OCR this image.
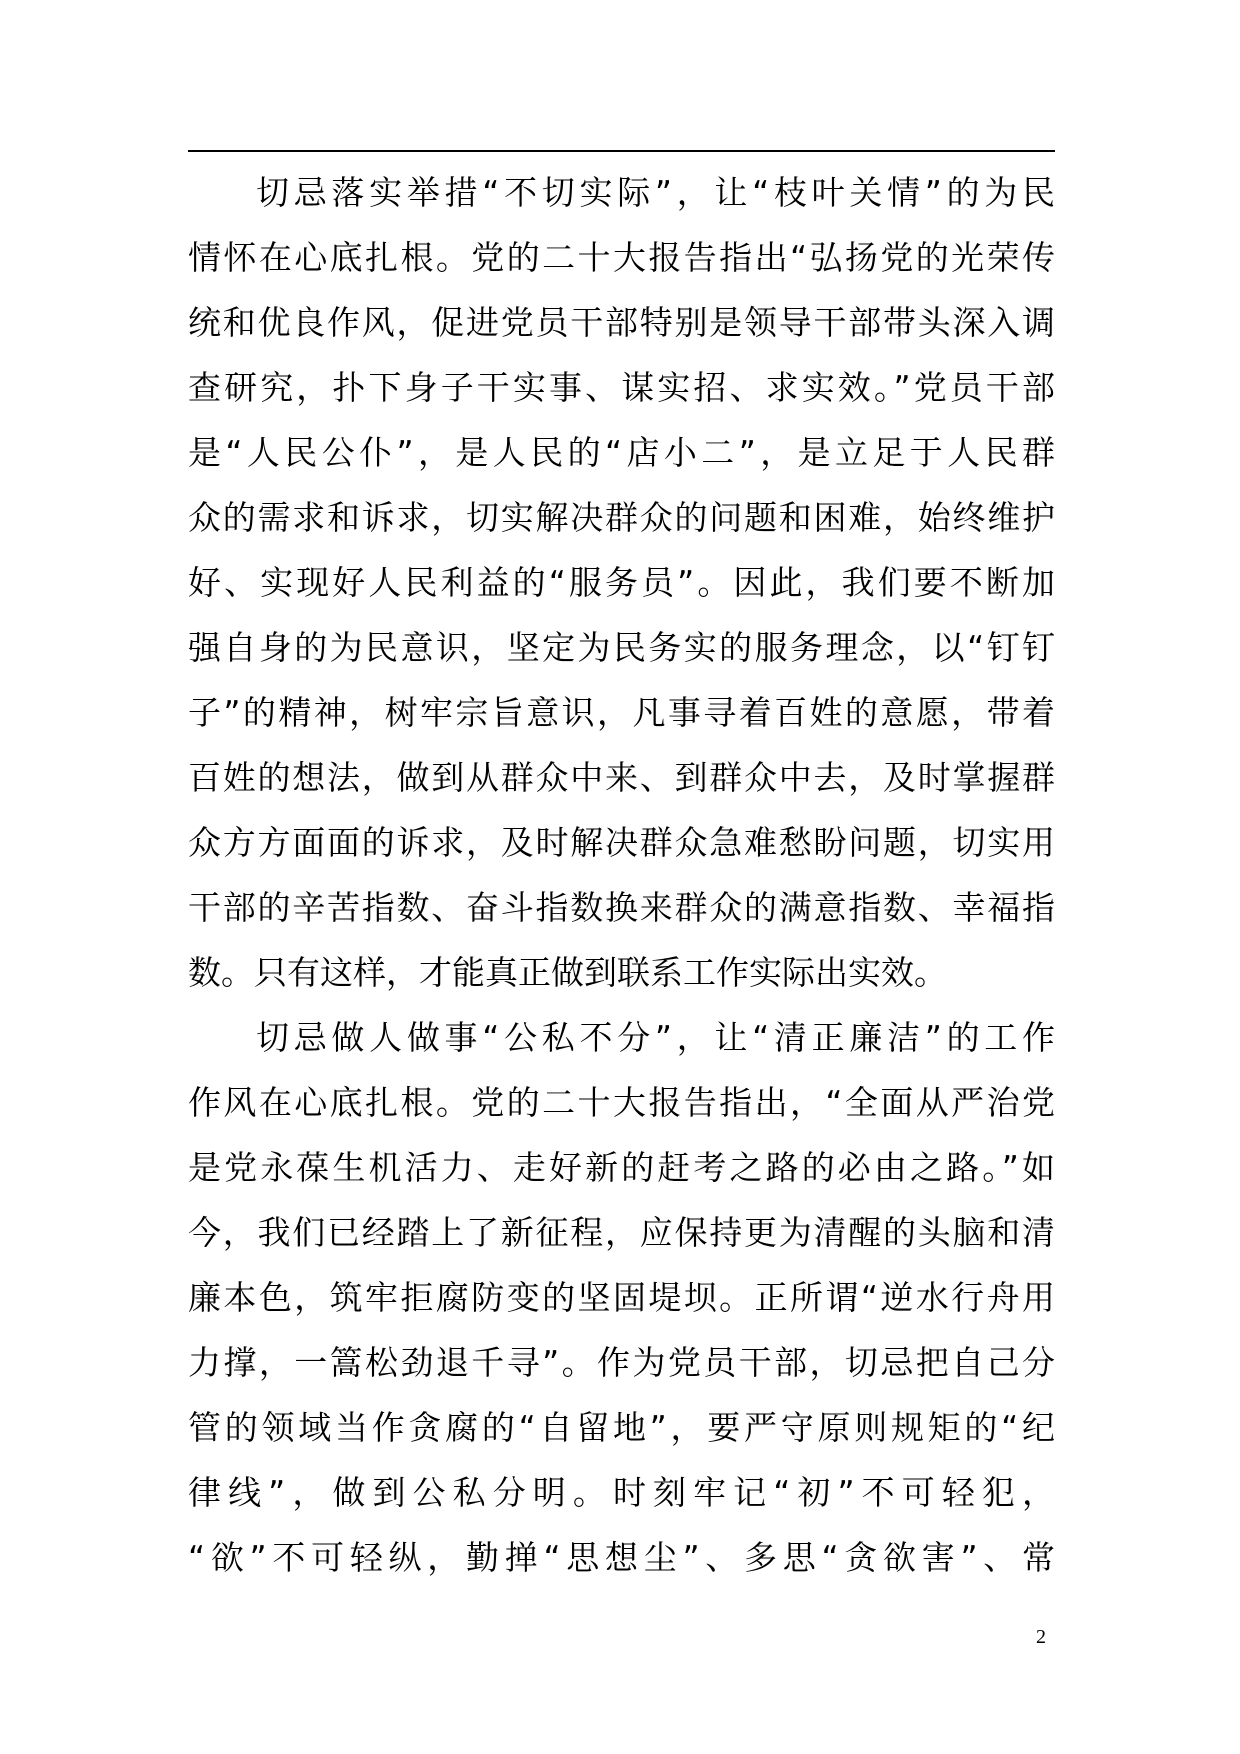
切忌落实举措“不切实际”，让“枝叶关情”的为民
情怀在心底扎根。党的二十大报告指出“弘扬党的光荣传
统和优良作风，促进党员干部特别是领导干部带头深入调
查研究，扑下身子干实事、谋实招、求实效。”党员干部
是“人民公仆”，是人民的“店小二”，是立足于人民群
众的需求和诉求，切实解决群众的问题和困难，始终维护
好、实现好人民利益的“服务员”。因此，我们要不断加
强自身的为民意识，坚定为民务实的服务理念，以“钉钉
子”的精神，树牢宗旨意识，凡事寻着百姓的意愿，带着
百姓的想法，做到从群众中来、到群众中去，及时掌握群
众方方面面的诉求，及时解决群众急难愁盼问题，切实用
干部的辛苦指数、奋斗指数换来群众的满意指数、幸福指
数。只有这样，才能真正做到联系工作实际出实效。
切忌做人做事“公私不分”，让“清正廉洁”的工作
作风在心底扎根。党的二十大报告指出，“全面从严治党
是党永葆生机活力、走好新的赶考之路的必由之路。”如
今，我们已经踏上了新征程，应保持更为清醒的头脑和清
廉本色，筑牢拒腐防变的坚固堤坝。正所谓“逆水行舟用
力撑，一篙松劲退千寻”。作为党员干部，切忌把自己分
管的领域当作贪腐的“自留地”，要严守原则规矩的“纪
律线”，做到公私分明。时刻牢记“初”不可轻犯，
“欲”不可轻纵，勤掸“思想尘”、多思“贪欲害”、常
2
